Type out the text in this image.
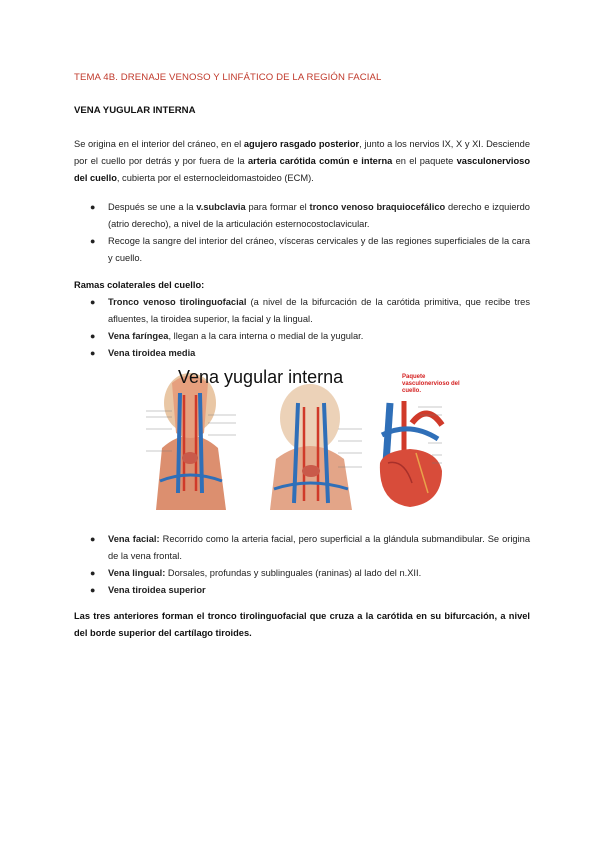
TEMA 4B. DRENAJE VENOSO Y LINFÁTICO DE LA REGIÓN FACIAL
VENA YUGULAR INTERNA
Se origina en el interior del cráneo, en el agujero rasgado posterior, junto a los nervios IX, X y XI. Desciende por el cuello por detrás y por fuera de la arteria carótida común e interna en el paquete vasculonervioso del cuello, cubierta por el esternocleidomastoideo (ECM).
● Después se une a la v.subclavia para formar el tronco venoso braquiocefálico derecho e izquierdo (atrio derecho), a nivel de la articulación esternocostoclavicular.
● Recoge la sangre del interior del cráneo, vísceras cervicales y de las regiones superficiales de la cara y cuello.
Ramas colaterales del cuello:
● Tronco venoso tirolinguofacial (a nivel de la bifurcación de la carótida primitiva, que recibe tres afluentes, la tiroidea superior, la facial y la lingual.
● Vena faríngea, llegan a la cara interna o medial de la yugular.
● Vena tiroidea media
Vena yugular interna	Paquete vasculonervioso del cuello.
● Vena facial: Recorrido como la arteria facial, pero superficial a la glándula submandibular. Se origina de la vena frontal.
● Vena lingual: Dorsales, profundas y sublinguales (raninas) al lado del n.XII.
● Vena tiroidea superior
Las tres anteriores forman el tronco tirolinguofacial que cruza a la carótida en su bifurcación, a nivel del borde superior del cartílago tiroides.
